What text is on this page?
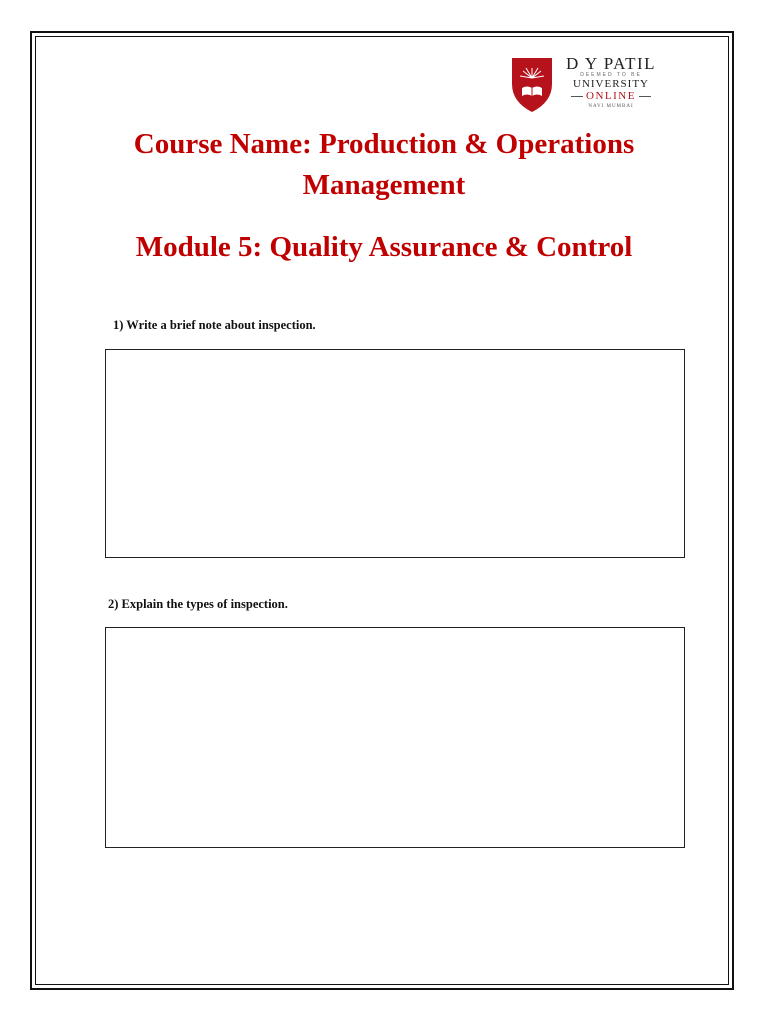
D Y PATIL
DEEMED TO BE
UNIVERSITY
ONLINE
NAVI MUMBAI
Course Name: Production & Operations Management
Module 5: Quality Assurance & Control

1) Write a brief note about inspection.

2) Explain the types of inspection.
